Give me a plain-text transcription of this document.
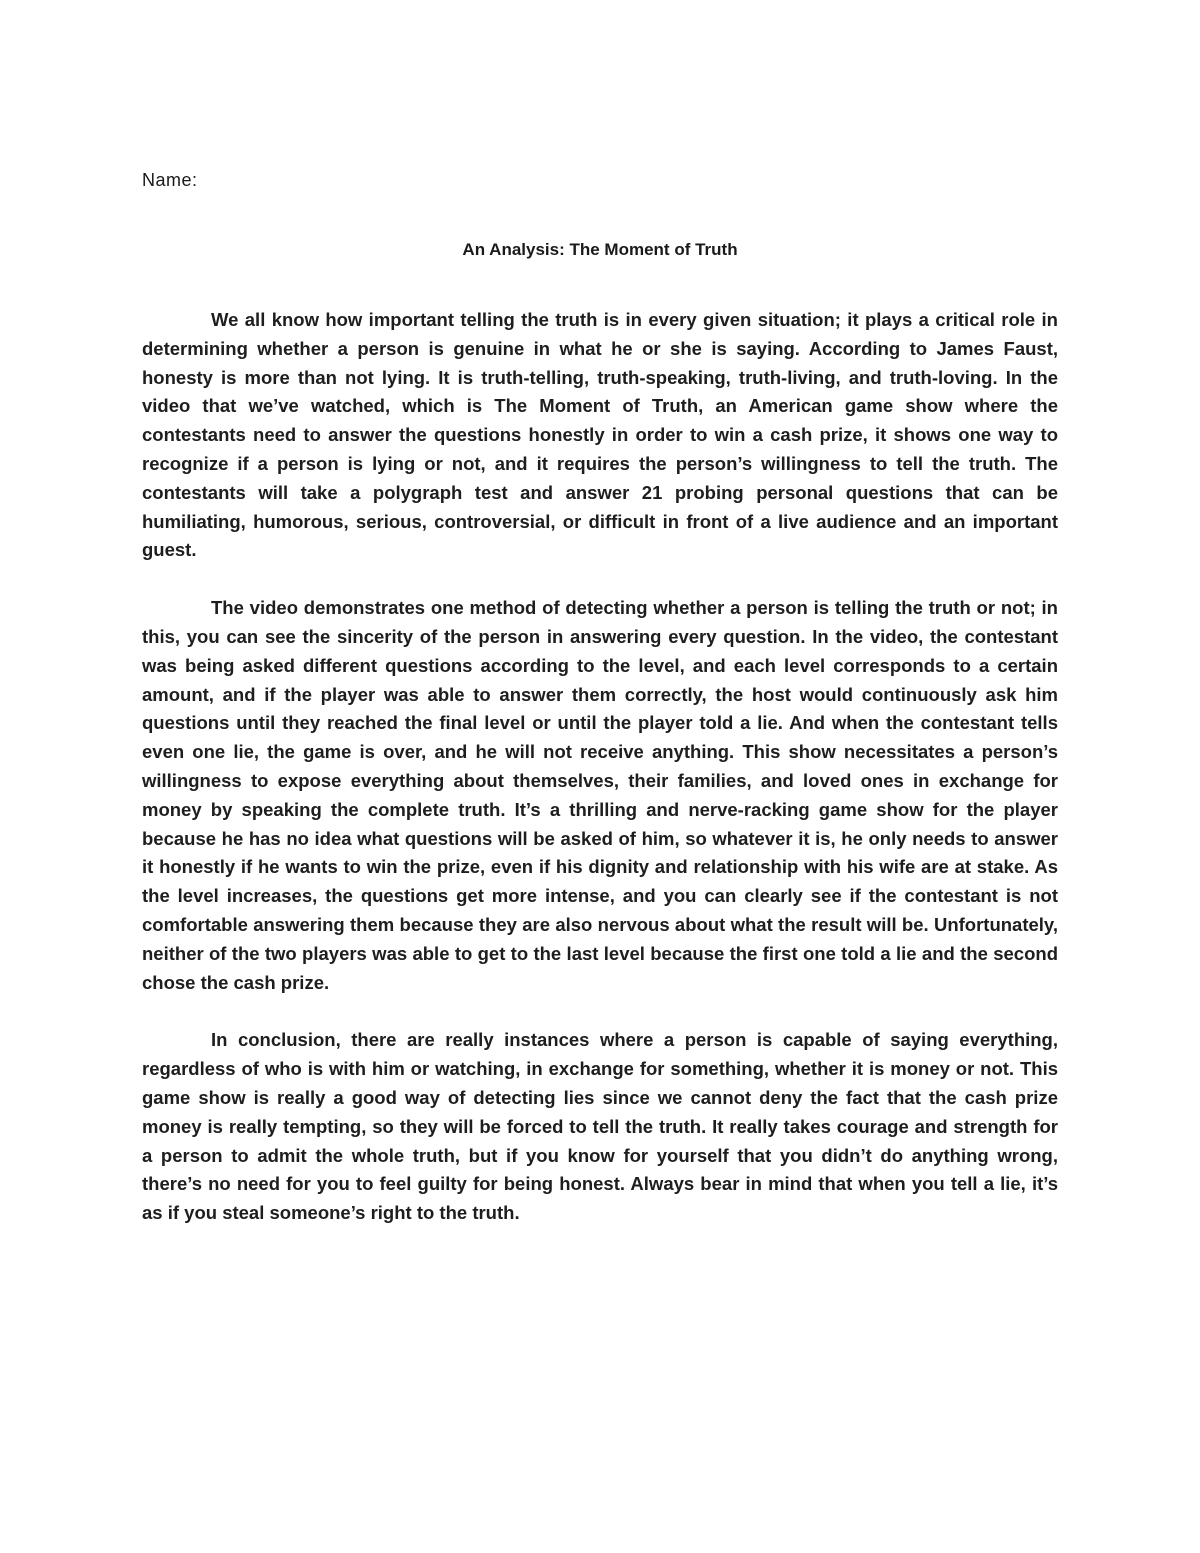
Name:

An Analysis: The Moment of Truth

We all know how important telling the truth is in every given situation; it plays a critical role in determining whether a person is genuine in what he or she is saying. According to James Faust, honesty is more than not lying. It is truth-telling, truth-speaking, truth-living, and truth-loving. In the video that we’ve watched, which is The Moment of Truth, an American game show where the contestants need to answer the questions honestly in order to win a cash prize, it shows one way to recognize if a person is lying or not, and it requires the person’s willingness to tell the truth. The contestants will take a polygraph test and answer 21 probing personal questions that can be humiliating, humorous, serious, controversial, or difficult in front of a live audience and an important guest.

The video demonstrates one method of detecting whether a person is telling the truth or not; in this, you can see the sincerity of the person in answering every question. In the video, the contestant was being asked different questions according to the level, and each level corresponds to a certain amount, and if the player was able to answer them correctly, the host would continuously ask him questions until they reached the final level or until the player told a lie. And when the contestant tells even one lie, the game is over, and he will not receive anything. This show necessitates a person’s willingness to expose everything about themselves, their families, and loved ones in exchange for money by speaking the complete truth. It’s a thrilling and nerve-racking game show for the player because he has no idea what questions will be asked of him, so whatever it is, he only needs to answer it honestly if he wants to win the prize, even if his dignity and relationship with his wife are at stake. As the level increases, the questions get more intense, and you can clearly see if the contestant is not comfortable answering them because they are also nervous about what the result will be. Unfortunately, neither of the two players was able to get to the last level because the first one told a lie and the second chose the cash prize.

In conclusion, there are really instances where a person is capable of saying everything, regardless of who is with him or watching, in exchange for something, whether it is money or not. This game show is really a good way of detecting lies since we cannot deny the fact that the cash prize money is really tempting, so they will be forced to tell the truth. It really takes courage and strength for a person to admit the whole truth, but if you know for yourself that you didn’t do anything wrong, there’s no need for you to feel guilty for being honest. Always bear in mind that when you tell a lie, it’s as if you steal someone’s right to the truth.
